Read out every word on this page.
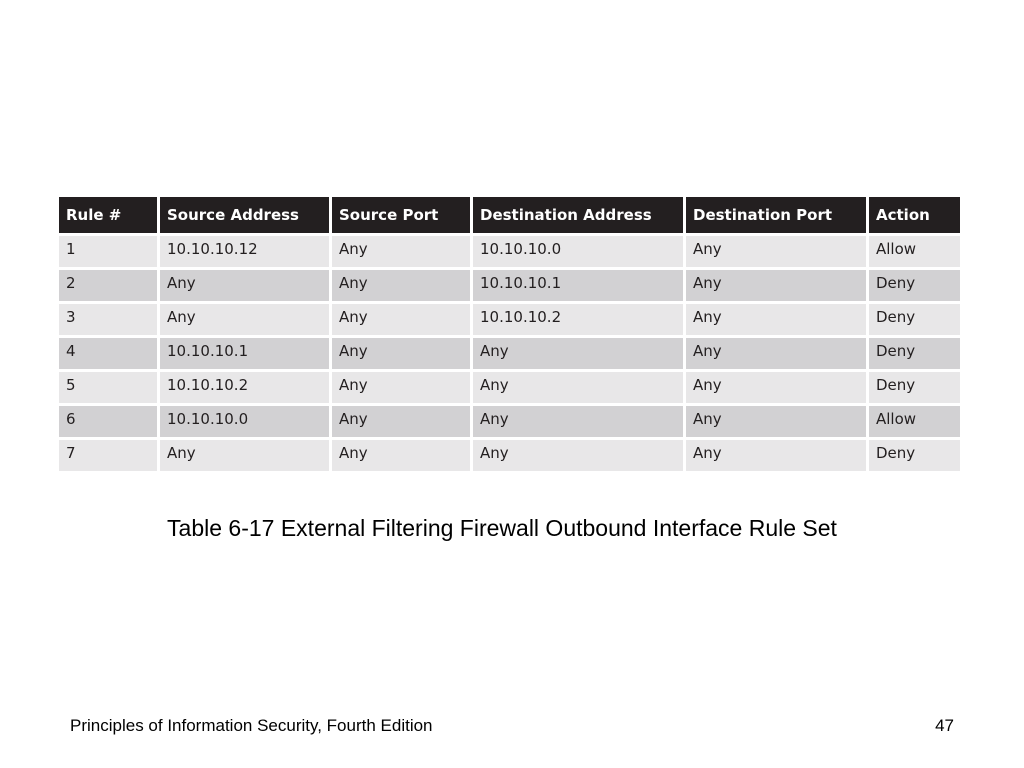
Rule #	Source Address	Source Port	Destination Address	Destination Port	Action
1	10.10.10.12	Any	10.10.10.0	Any	Allow
2	Any	Any	10.10.10.1	Any	Deny
3	Any	Any	10.10.10.2	Any	Deny
4	10.10.10.1	Any	Any	Any	Deny
5	10.10.10.2	Any	Any	Any	Deny
6	10.10.10.0	Any	Any	Any	Allow
7	Any	Any	Any	Any	Deny
Table 6-17 External Filtering Firewall Outbound Interface Rule Set
Principles of Information Security, Fourth Edition	47
